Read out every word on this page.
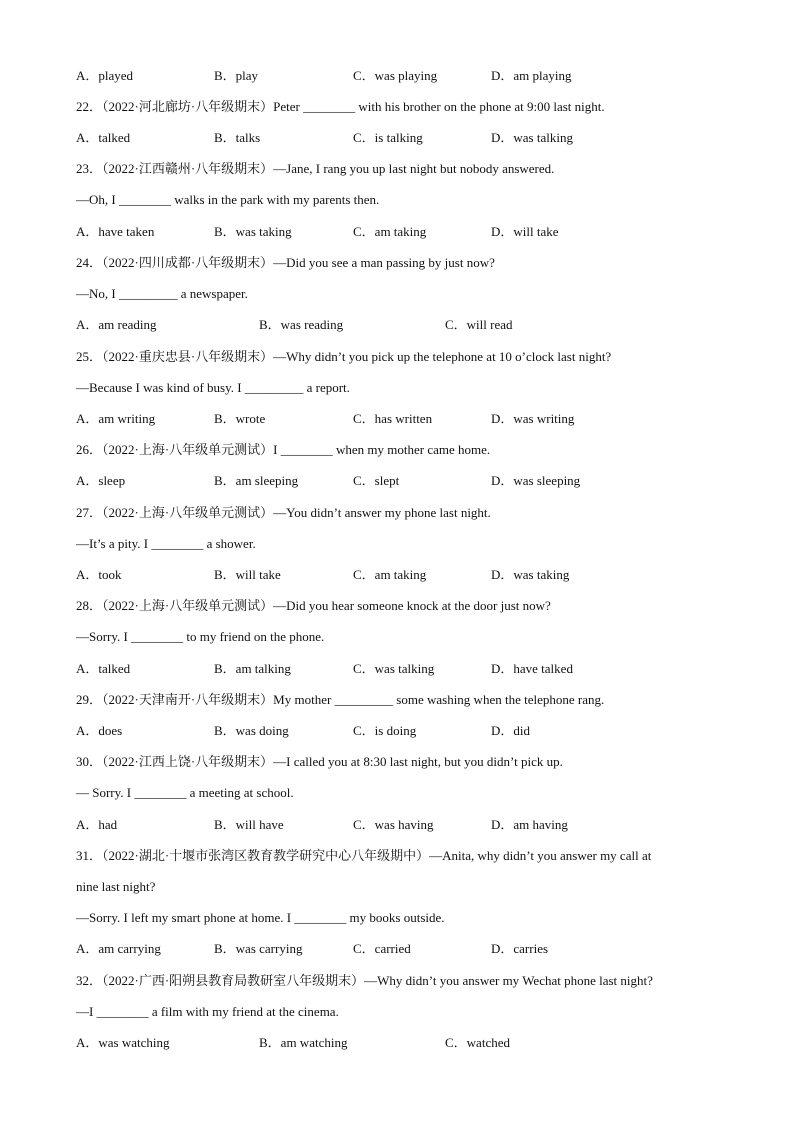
A．played	B．play	C．was playing	D．am playing
22．（2022·河北廊坊·八年级期末）Peter ________ with his brother on the phone at 9:00 last night.
A．talked	B．talks	C．is talking	D．was talking
23．（2022·江西赣州·八年级期末）—Jane, I rang you up last night but nobody answered.
—Oh, I ________ walks in the park with my parents then.
A．have taken	B．was taking	C．am taking	D．will take
24．（2022·四川成都·八年级期末）—Did you see a man passing by just now?
—No, I _________ a newspaper.
A．am reading	B．was reading	C．will read
25．（2022·重庆忠县·八年级期末）—Why didn’t you pick up the telephone at 10 o’clock last night?
—Because I was kind of busy. I _________ a report.
A．am writing	B．wrote	C．has written	D．was writing
26．（2022·上海·八年级单元测试）I ________ when my mother came home.
A．sleep	B．am sleeping	C．slept	D．was sleeping
27．（2022·上海·八年级单元测试）—You didn’t answer my phone last night.
—It’s a pity. I ________ a shower.
A．took	B．will take	C．am taking	D．was taking
28．（2022·上海·八年级单元测试）—Did you hear someone knock at the door just now?
—Sorry. I ________ to my friend on the phone.
A．talked	B．am talking	C．was talking	D．have talked
29．（2022·天津南开·八年级期末）My mother _________ some washing when the telephone rang.
A．does	B．was doing	C．is doing	D．did
30．（2022·江西上饶·八年级期末）—I called you at 8:30 last night, but you didn’t pick up.
— Sorry. I ________ a meeting at school.
A．had	B．will have	C．was having	D．am having
31．（2022·湖北·十堰市张湾区教育教学研究中心八年级期中）—Anita, why didn’t you answer my call at
nine last night?
—Sorry. I left my smart phone at home. I ________ my books outside.
A．am carrying	B．was carrying	C．carried	D．carries
32．（2022·广西·阳朔县教育局教研室八年级期末）—Why didn’t you answer my Wechat phone last night?
—I ________ a film with my friend at the cinema.
A．was watching	B．am watching	C．watched
